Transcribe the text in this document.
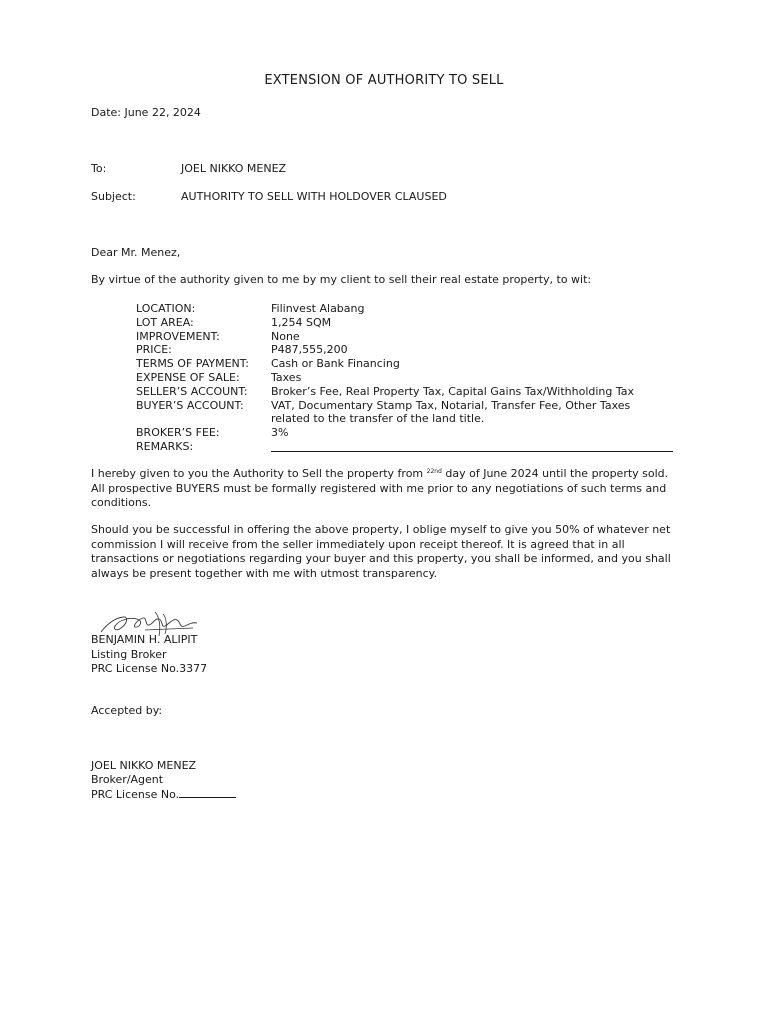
EXTENSION OF AUTHORITY TO SELL
Date: June 22, 2024
To:	JOEL NIKKO MENEZ
Subject:	AUTHORITY TO SELL WITH HOLDOVER CLAUSED
Dear Mr. Menez,
By virtue of the authority given to me by my client to sell their real estate property, to wit:
LOCATION:	Filinvest Alabang
LOT AREA:	1,254 SQM
IMPROVEMENT:	None
PRICE:	P487,555,200
TERMS OF PAYMENT:	Cash or Bank Financing
EXPENSE OF SALE:	Taxes
SELLER’S ACCOUNT:	Broker’s Fee, Real Property Tax, Capital Gains Tax/Withholding Tax
BUYER’S ACCOUNT:	VAT, Documentary Stamp Tax, Notarial, Transfer Fee, Other Taxes
related to the transfer of the land title.
BROKER’S FEE:	3%
REMARKS:
I hereby given to you the Authority to Sell the property from $^{22nd}$ day of June 2024 until the property sold. All prospective BUYERS must be formally registered with me prior to any negotiations of such terms and conditions.
Should you be successful in offering the above property, I oblige myself to give you 50% of whatever net commission I will receive from the seller immediately upon receipt thereof. It is agreed that in all transactions or negotiations regarding your buyer and this property, you shall be informed, and you shall always be present together with me with utmost transparency.
BENJAMIN H. ALIPIT
Listing Broker
PRC License No.3377
Accepted by:
JOEL NIKKO MENEZ
Broker/Agent
PRC License No.
